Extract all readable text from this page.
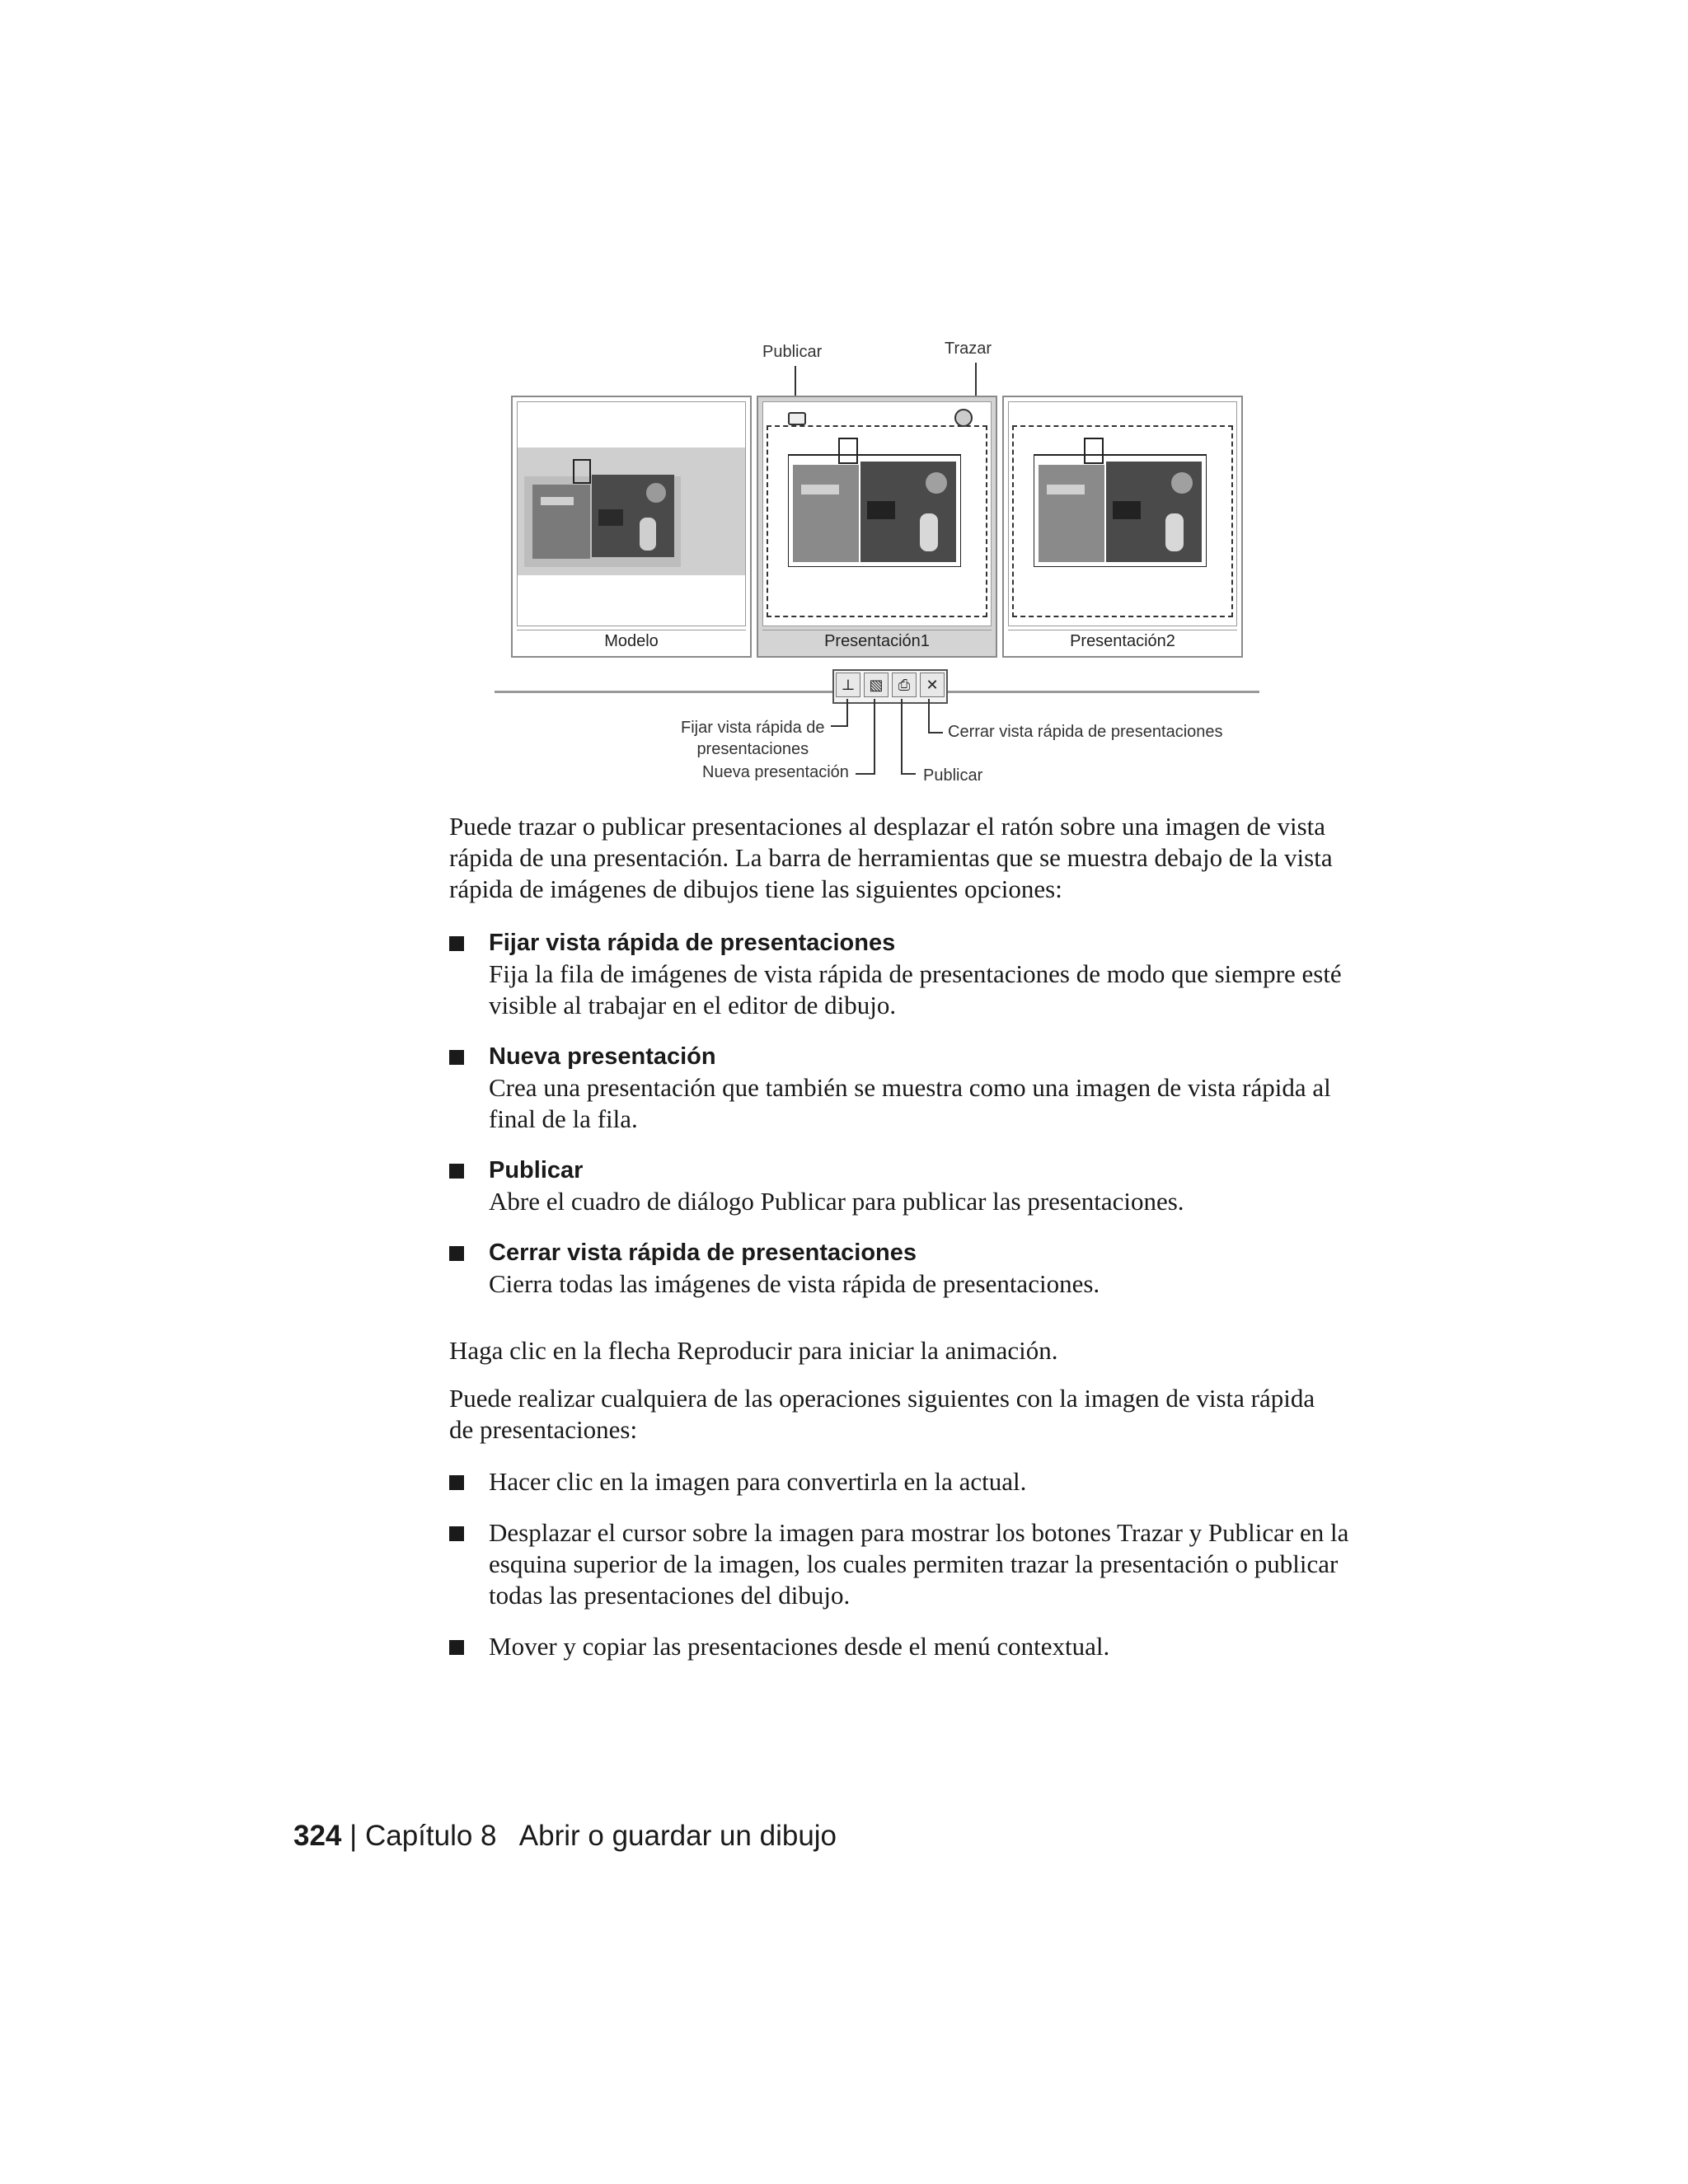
Publicar	Trazar
Modelo	Presentación1	Presentación2
⊥ ▧	⎙	✕
Fijar vista rápida de
presentaciones
Nueva presentación	Publicar
Cerrar vista rápida de presentaciones
Puede trazar o publicar presentaciones al desplazar el ratón sobre una imagen de vista rápida de una presentación. La barra de herramientas que se muestra debajo de la vista rápida de imágenes de dibujos tiene las siguientes opciones:
Fijar vista rápida de presentaciones
Fija la fila de imágenes de vista rápida de presentaciones de modo que siempre esté visible al trabajar en el editor de dibujo.
Nueva presentación
Crea una presentación que también se muestra como una imagen de vista rápida al final de la fila.
Publicar
Abre el cuadro de diálogo Publicar para publicar las presentaciones.
Cerrar vista rápida de presentaciones
Cierra todas las imágenes de vista rápida de presentaciones.
Haga clic en la flecha Reproducir para iniciar la animación.
Puede realizar cualquiera de las operaciones siguientes con la imagen de vista rápida de presentaciones:
Hacer clic en la imagen para convertirla en la actual.
Desplazar el cursor sobre la imagen para mostrar los botones Trazar y Publicar en la esquina superior de la imagen, los cuales permiten trazar la presentación o publicar todas las presentaciones del dibujo.
Mover y copiar las presentaciones desde el menú contextual.
324 | Capítulo 8 Abrir o guardar un dibujo
